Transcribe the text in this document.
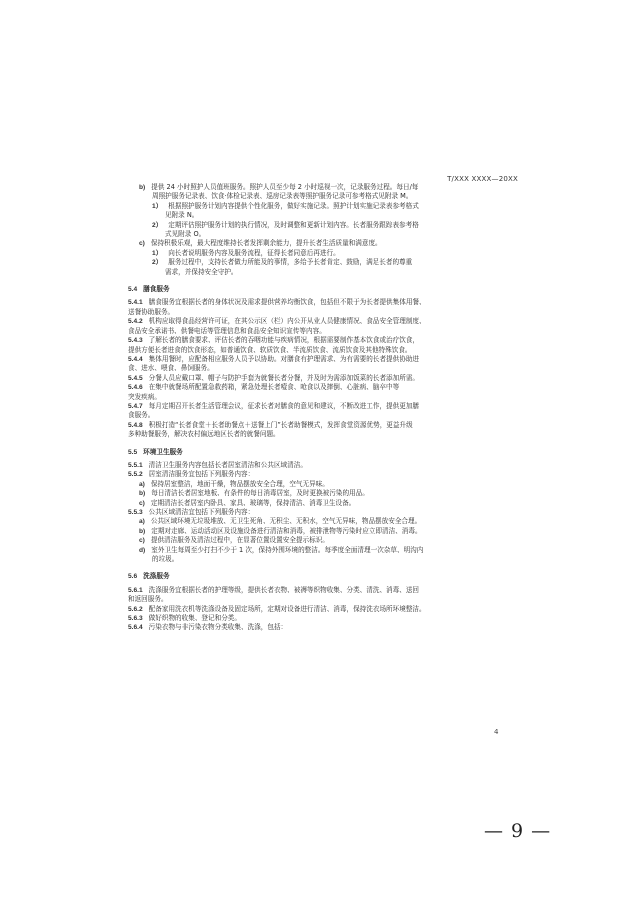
T/XXX XXXX—20XX
b) 提供 24 小时照护人员值班服务。照护人员至少每 2 小时巡视一次，记录服务过程。每日/每
周照护服务记录表、饮食·体检记录表、巡房记录表等照护服务记录可参考格式见附录 M。
1） 根据照护服务计划内容提供个性化服务，做好实施记录。照护计划实施记录表参考格式
见附录 N。
2） 定期评估照护服务计划的执行情况，及时调整和更新计划内容。长者服务跟踪表参考格
式见附录 O。
c) 保持积极乐观，最大程度维持长者发挥剩余能力，提升长者生活质量和满意度。
1） 向长者说明服务内容及服务流程，征得长者同意后再进行。
2） 服务过程中，支持长者做力所能及的事情，多给予长者肯定、鼓励，满足长者的尊重
需求，并保持安全守护。
5.4 膳食服务
5.4.1 膳食服务宜根据长者的身体状况及需求提供营养均衡饮食，包括但不限于为长者提供集体用餐、
送餐协助服务。
5.4.2 机构应取得食品经营许可证，在其公示区（栏）内公开从业人员健康情况、食品安全管理制度、
食品安全承诺书、供餐电话等管理信息和食品安全知识宣传等内容。
5.4.3 了解长者的膳食要求、评估长者的吞咽功能与疾病情况，根据需要制作基本饮食或治疗饮食，
提供方便长者进食的饮食形态，如普通饮食、软质饮食、半流质饮食、流质饮食及其他特殊饮食。
5.4.4 集体用餐时，应配备相应服务人员予以协助。对膳食有护理需求、为有需要的长者提供协助进
食、进水、喂食、鼻饲服务。
5.4.5 分餐人员应戴口罩、帽子与防护手套为就餐长者分餐，并及时为需添加饭菜的长者添加所需。
5.4.6 在集中就餐场所配置急救药箱，紧急处理长者噎食、呛食以及摔倒、心脏病、脑卒中等
突发疾病。
5.4.7 每月定期召开长者生活管理会议，征求长者对膳食的意见和建议，不断改进工作，提供更加膳
食服务。
5.4.8 积极打造“长者食堂＋长者助餐点＋送餐上门”长者助餐模式，发挥食堂资源优势，更益升级
多种助餐服务，解决农村偏远地区长者的就餐问题。
5.5 环境卫生服务
5.5.1 清洁卫生服务内容包括长者居室清洁和公共区域清洁。
5.5.2 居室清洁服务宜包括下列服务内容：
a) 保持居室整洁，地面干燥，物品摆放安全合理，空气无异味。
b) 每日清洁长者居室地板、有条件的每日消毒居室，及时更换被污染的用品。
c) 定期清洁长者居室内卧具、家具、玻璃等，保持清洁、消毒卫生设备。
5.5.3 公共区域清洁宜包括下列服务内容：
a) 公共区域环境无垃圾堆放、无卫生死角、无积尘、无积水，空气无异味，物品摆放安全合理。
b) 定期对走廊、运动活动区及设施设备进行清洁和消毒，被排泄物等污染时应立即清洁、消毒。
c) 提供清洁服务及清洁过程中，在显著位置设置安全提示标识。
d) 室外卫生每周至少打扫不少于 1 次，保持外围环境的整洁。每季度全面清理一次杂草、明沟内
的垃圾。
5.6 洗涤服务
5.6.1 洗涤服务宜根据长者的护理等级，提供长者衣物、被褥等织物收集、分类、清洗、消毒、送回
和返回服务。
5.6.2 配备家用洗衣机等洗涤设备及固定场所，定期对设备进行清洁、消毒，保持洗衣场所环境整洁。
5.6.3 做好织物的收集、登记和分类。
5.6.4 污染衣物与非污染衣物分类收集、洗涤，包括：
4
— 9 —
